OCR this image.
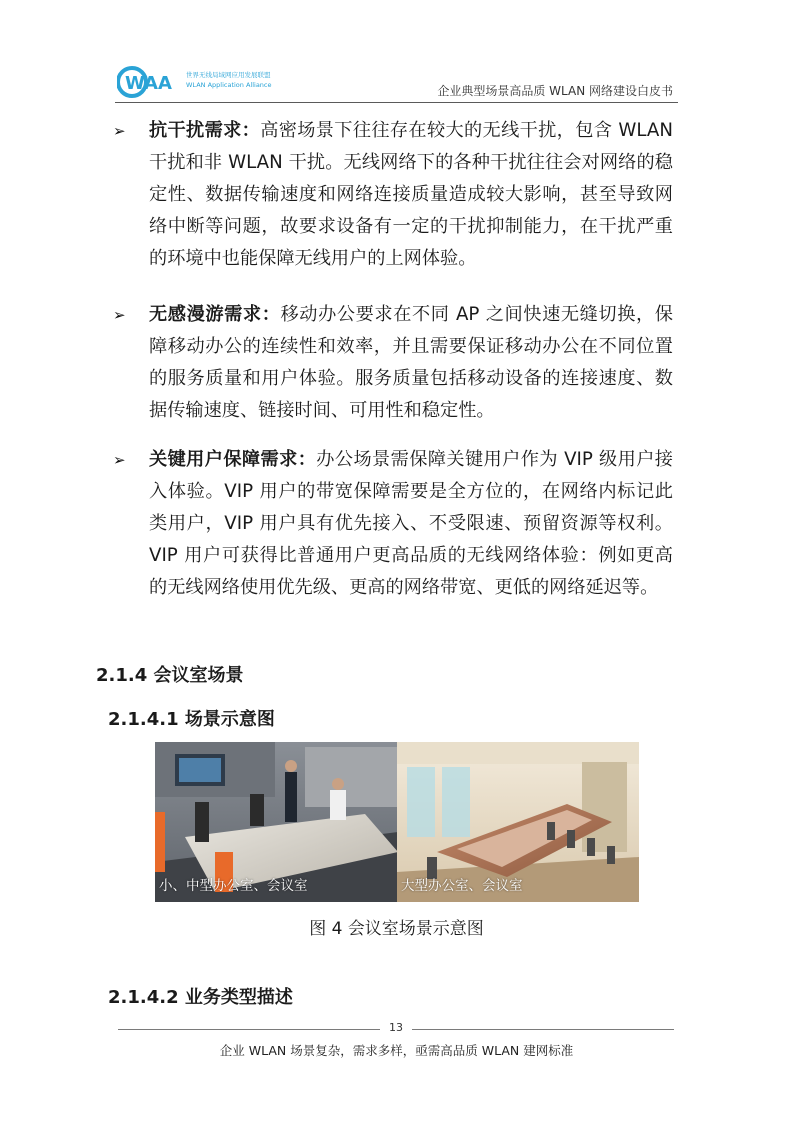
WAA 世界无线局域网应用发展联盟
WLAN Application Alliance	企业典型场景高品质 WLAN 网络建设白皮书
➢	抗干扰需求：高密场景下往往存在较大的无线干扰，包含 WLAN 干扰和非 WLAN 干扰。无线网络下的各种干扰往往会对网络的稳定性、数据传输速度和网络连接质量造成较大影响，甚至导致网络中断等问题，故要求设备有一定的干扰抑制能力，在干扰严重的环境中也能保障无线用户的上网体验。
➢	无感漫游需求：移动办公要求在不同 AP 之间快速无缝切换，保障移动办公的连续性和效率，并且需要保证移动办公在不同位置的服务质量和用户体验。服务质量包括移动设备的连接速度、数据传输速度、链接时间、可用性和稳定性。
➢	关键用户保障需求：办公场景需保障关键用户作为 VIP 级用户接入体验。VIP 用户的带宽保障需要是全方位的，在网络内标记此类用户，VIP 用户具有优先接入、不受限速、预留资源等权利。VIP 用户可获得比普通用户更高品质的无线网络体验：例如更高的无线网络使用优先级、更高的网络带宽、更低的网络延迟等。
2.1.4 会议室场景
2.1.4.1 场景示意图
小、中型办公室、会议室	大型办公室、会议室
图 4 会议室场景示意图
2.1.4.2 业务类型描述
13
企业 WLAN 场景复杂，需求多样，亟需高品质 WLAN 建网标准
